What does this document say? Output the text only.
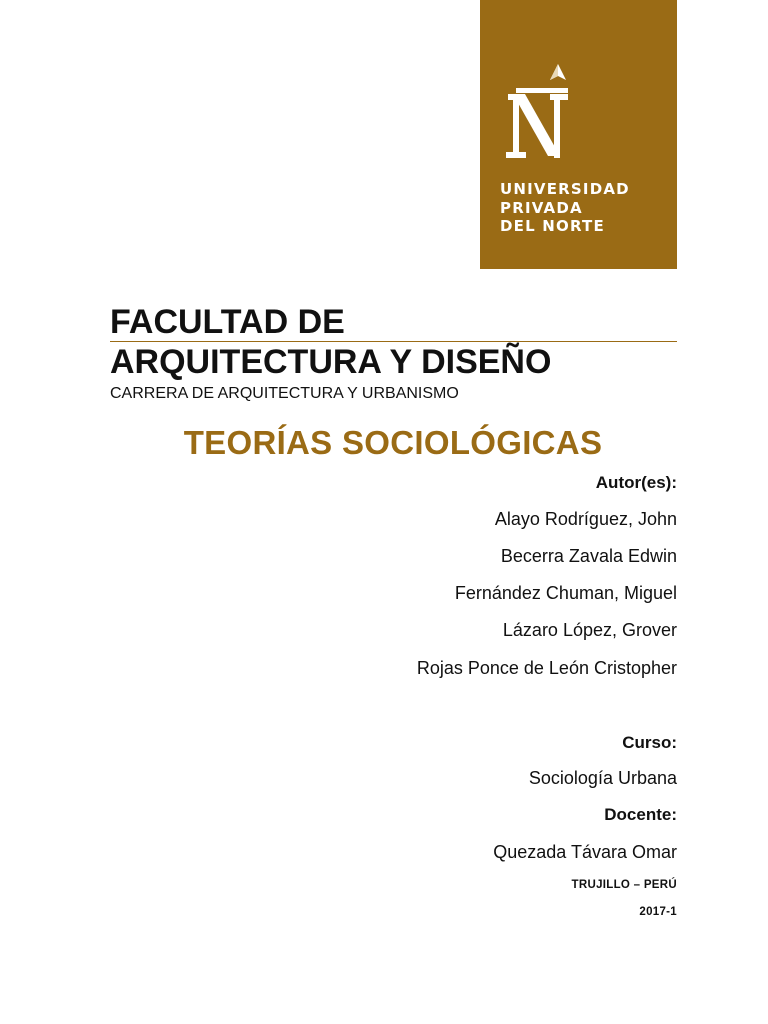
UNIVERSIDAD
PRIVADA
DEL NORTE
FACULTAD DE
ARQUITECTURA Y DISEÑO
CARRERA DE ARQUITECTURA Y URBANISMO
TEORÍAS SOCIOLÓGICAS
Autor(es):
Alayo Rodríguez, John
Becerra Zavala Edwin
Fernández Chuman, Miguel
Lázaro López, Grover
Rojas Ponce de León Cristopher
Curso:
Sociología Urbana
Docente:
Quezada Távara Omar
TRUJILLO – PERÚ
2017-1
